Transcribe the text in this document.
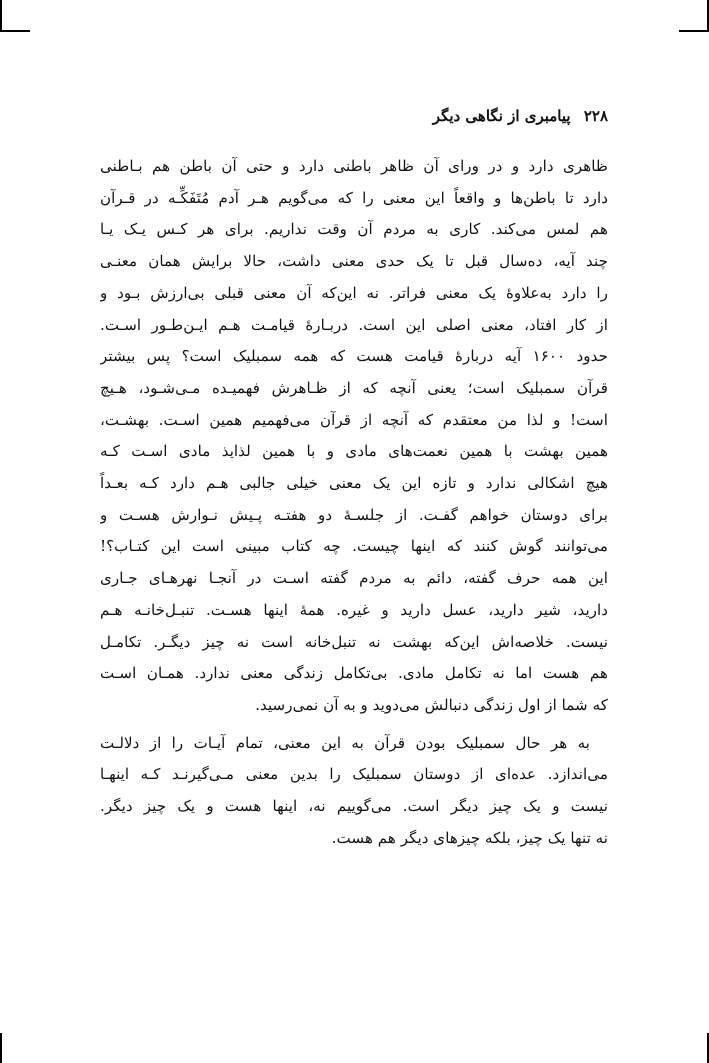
۲۲۸ پیامبری از نگاهی دیگر

ظاهری دارد و در ورای آن ظاهر باطنی دارد و حتی آن باطن هم بـاطنی
دارد تا باطن‌ها و واقعاً این معنی را که می‌گویم هـر آدم مُتَفَکِّـه در قـرآن
هم لمس می‌کند. کاری به مردم آن وقت نداریم. برای هر کـس یـک یـا
چند آیه، ده‌سال قبل تا یک حدی معنی داشت، حالا برایش همان معنـی
را دارد به‌علاوهٔ یک معنی فراتر. نه این‌که آن معنی قبلی بی‌ارزش بـود و
از کار افتاد، معنی اصلی این است. دربـارهٔ قیامـت هـم ایـن‌طـور اسـت.
حدود ۱۶۰۰ آیه دربارهٔ قیامت هست که همه سمبلیک است؟ پس بیشتر
قرآن سمبلیک است؛ یعنی آنچه که از ظـاهرش فهمیـده مـی‌شـود، هـیچ
است! و لذا من معتقدم که آنچه از قرآن می‌فهمیم همین اسـت. بهشـت،
همین بهشت با همین نعمت‌های مادی و با همین لذایذ مادی اسـت کـه
هیچ اشکالی ندارد و تازه این یک معنی خیلی جالبی هـم دارد کـه بعـداً
برای دوستان خواهم گفـت. از جلسـهٔ دو هفتـه پـیش نـوارش هسـت و
می‌توانند گوش کنند که اینها چیست. چه کتاب مبینی است این کتـاب؟!
این همه حرف گفته، دائم به مردم گفته اسـت در آنجـا نهرهـای جـاری
دارید، شیر دارید، عسل دارید و غیره. همهٔ اینها هسـت. تنبـل‌خانـه هـم
نیست. خلاصه‌اش این‌که بهشت نه تنبل‌خانه است نه چیز دیگـر. تکامـل
هم هست اما نه تکامل مادی. بی‌تکامل زندگی معنی ندارد. همـان اسـت
که شما از اول زندگی دنبالش می‌دوید و به آن نمی‌رسید.

به هر حال سمبلیک بودن قرآن به این معنی، تمام آیـات را از دلالـت
می‌اندازد. عده‌ای از دوستان سمبلیک را بدین معنی مـی‌گیرنـد کـه اینهـا
نیست و یک چیز دیگر است. می‌گوییم نه، اینها هست و یک چیز دیگر.
نه تنها یک چیز، بلکه چیزهای دیگر هم هست.
